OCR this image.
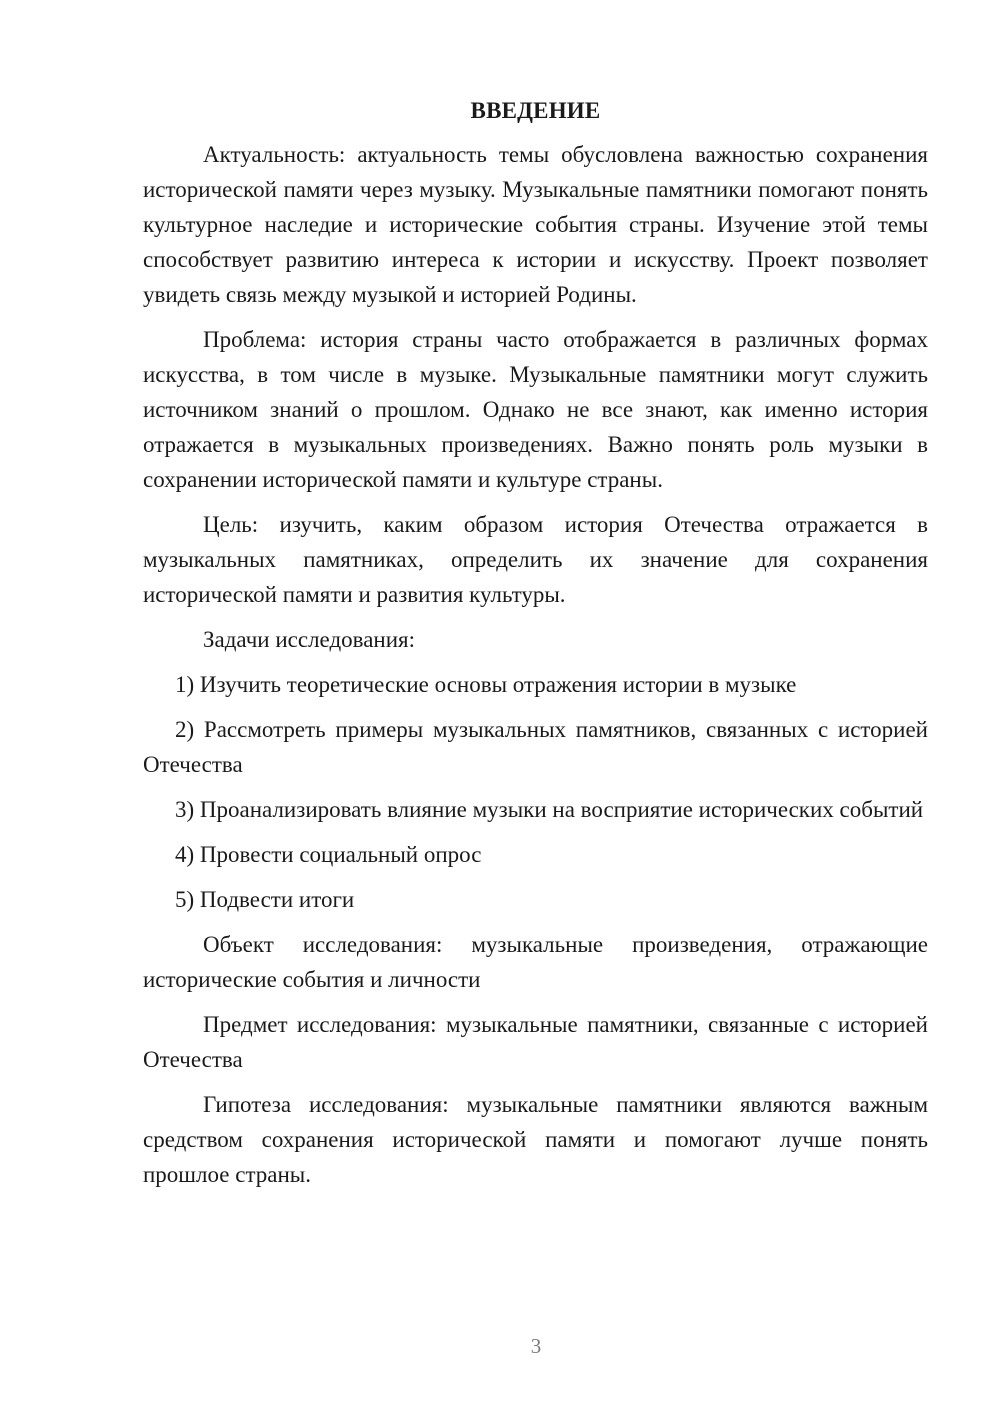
ВВЕДЕНИЕ

Актуальность: актуальность темы обусловлена важностью сохранения исторической памяти через музыку. Музыкальные памятники помогают понять культурное наследие и исторические события страны. Изучение этой темы способствует развитию интереса к истории и искусству. Проект позволяет увидеть связь между музыкой и историей Родины.

Проблема: история страны часто отображается в различных формах искусства, в том числе в музыке. Музыкальные памятники могут служить источником знаний о прошлом. Однако не все знают, как именно история отражается в музыкальных произведениях. Важно понять роль музыки в сохранении исторической памяти и культуре страны.

Цель: изучить, каким образом история Отечества отражается в музыкальных памятниках, определить их значение для сохранения исторической памяти и развития культуры.

Задачи исследования:

1) Изучить теоретические основы отражения истории в музыке

2) Рассмотреть примеры музыкальных памятников, связанных с историей Отечества

3) Проанализировать влияние музыки на восприятие исторических событий

4) Провести социальный опрос

5) Подвести итоги

Объект исследования: музыкальные произведения, отражающие исторические события и личности

Предмет исследования: музыкальные памятники, связанные с историей Отечества

Гипотеза исследования: музыкальные памятники являются важным средством сохранения исторической памяти и помогают лучше понять прошлое страны.

3
